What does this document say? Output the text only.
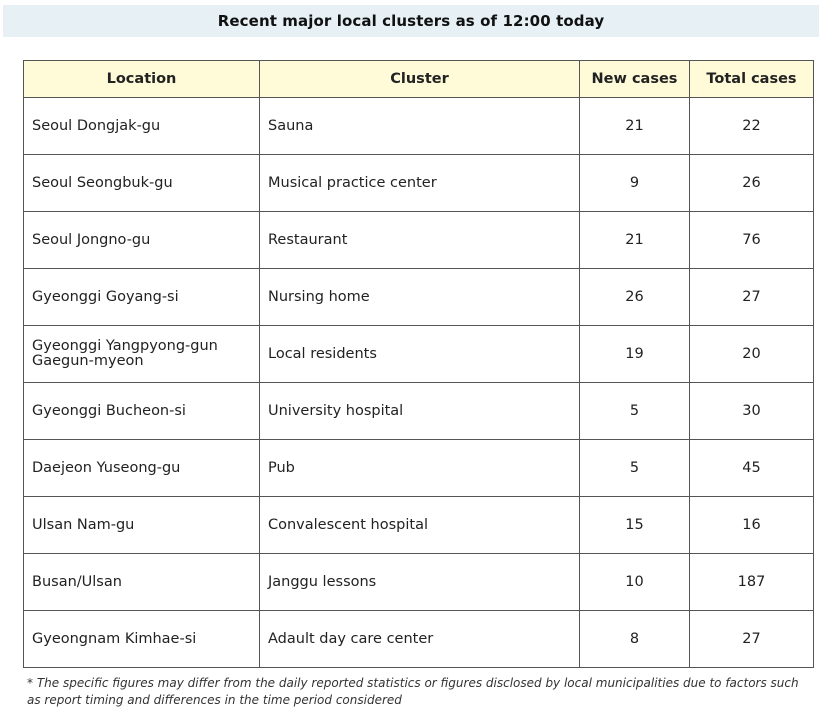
Recent major local clusters as of 12:00 today
Location	Cluster	New cases	Total cases
Seoul Dongjak-gu	Sauna	21	22
Seoul Seongbuk-gu	Musical practice center	9	26
Seoul Jongno-gu	Restaurant	21	76
Gyeonggi Goyang-si	Nursing home	26	27
Gyeonggi Yangpyong-gun Gaegun-myeon	Local residents	19	20
Gyeonggi Bucheon-si	University hospital	5	30
Daejeon Yuseong-gu	Pub	5	45
Ulsan Nam-gu	Convalescent hospital	15	16
Busan/Ulsan	Janggu lessons	10	187
Gyeongnam Kimhae-si	Adault day care center	8	27
* The specific figures may differ from the daily reported statistics or figures disclosed by local municipalities due to factors such as report timing and differences in the time period considered
